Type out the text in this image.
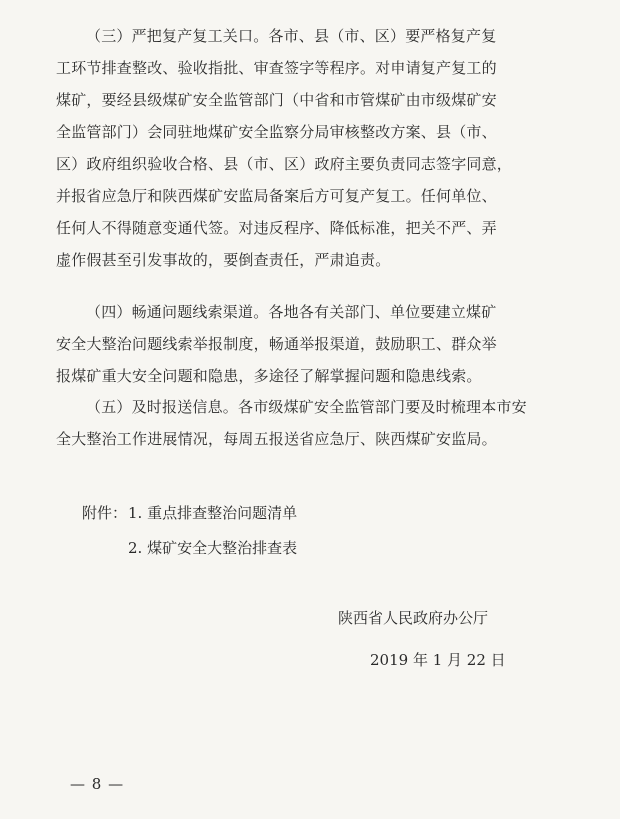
（三）严把复产复工关口。各市、县（市、区）要严格复产复
工环节排查整改、验收指批、审查签字等程序。对申请复产复工的
煤矿，要经县级煤矿安全监管部门（中省和市管煤矿由市级煤矿安
全监管部门）会同驻地煤矿安全监察分局审核整改方案、县（市、
区）政府组织验收合格、县（市、区）政府主要负责同志签字同意，
并报省应急厅和陕西煤矿安监局备案后方可复产复工。任何单位、
任何人不得随意变通代签。对违反程序、降低标准，把关不严、弄
虚作假甚至引发事故的，要倒查责任，严肃追责。
（四）畅通问题线索渠道。各地各有关部门、单位要建立煤矿
安全大整治问题线索举报制度，畅通举报渠道，鼓励职工、群众举
报煤矿重大安全问题和隐患，多途径了解掌握问题和隐患线索。
（五）及时报送信息。各市级煤矿安全监管部门要及时梳理本市安
全大整治工作进展情况，每周五报送省应急厅、陕西煤矿安监局。
附件： 1. 重点排查整治问题清单
2. 煤矿安全大整治排查表
陕西省人民政府办公厅
2019 年 1 月 22 日
— 8 —
